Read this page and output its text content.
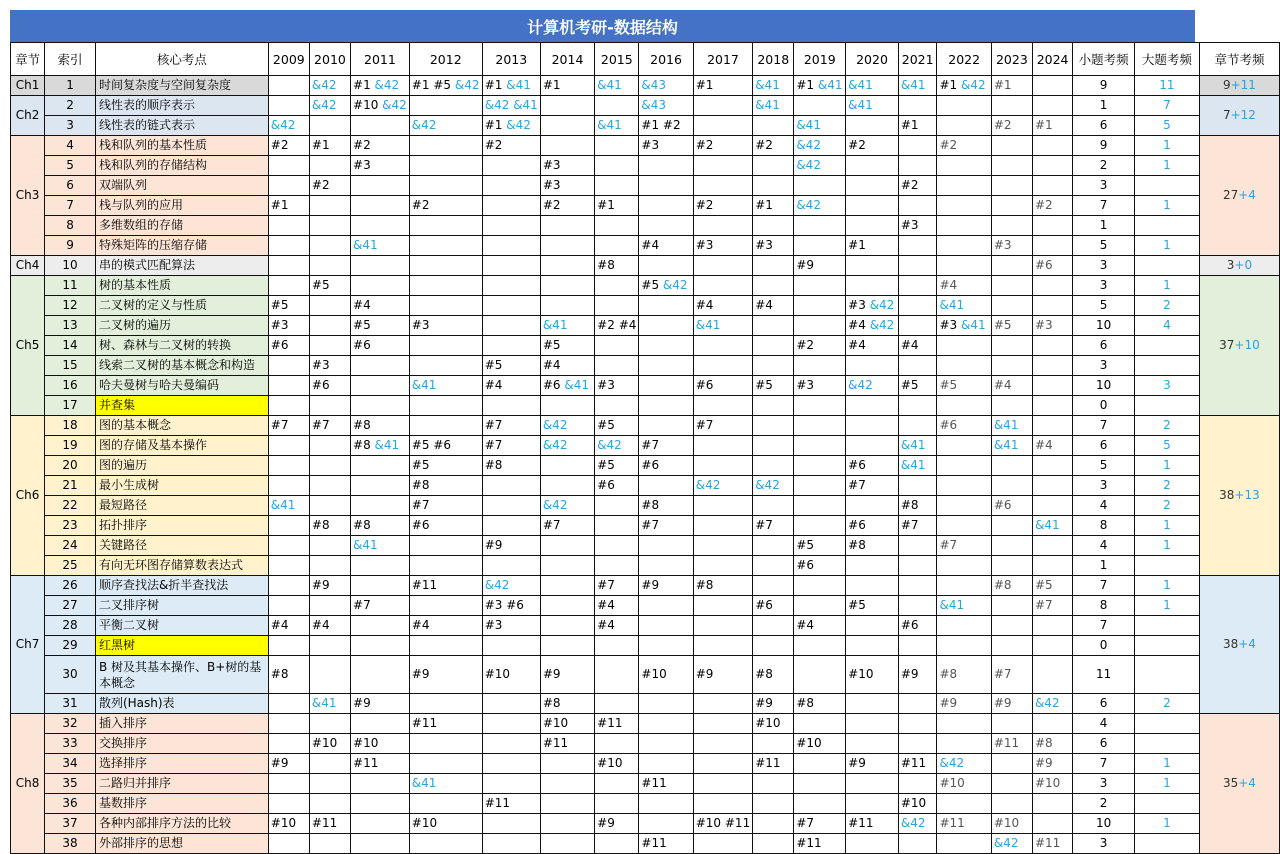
计算机考研-数据结构
章节	索引	核心考点	2009	2010	2011	2012	2013	2014	2015	2016	2017	2018	2019	2020	2021	2022	2023	2024	小题考频	大题考频	章节考频
Ch1	1	时间复杂度与空间复杂度		&42	#1 &42	#1 #5 &42	#1 &41	#1	&41	&43	#1	&41	#1 &41	&41	&41	#1 &42	#1		9	11	9+11
Ch2	2	线性表的顺序表示		&42	#10 &42		&42 &41			&43		&41		&41					1	7	7+12
	3	线性表的链式表示	&42			&42	#1 &42		&41	#1 #2			&41		#1		#2	#1	6	5	
Ch3	4	栈和队列的基本性质	#2	#1	#2		#2			#3	#2	#2	&42	#2		#2			9	1	27+4
	5	栈和队列的存储结构			#3			#3					&42						2	1	
	6	双端队列		#2				#3							#2				3		
	7	栈与队列的应用	#1			#2		#2	#1		#2	#1	&42					#2	7	1	
	8	多维数组的存储													#3				1		
	9	特殊矩阵的压缩存储			&41					#4	#3	#3		#1			#3		5	1	
Ch4	10	串的模式匹配算法							#8				#9					#6	3		3+0
Ch5	11	树的基本性质		#5						#5 &42						#4			3	1	37+10
	12	二叉树的定义与性质	#5		#4						#4	#4		#3 &42		&41			5	2	
	13	二叉树的遍历	#3		#5	#3		&41	#2 #4		&41			#4 &42		#3 &41	#5	#3	10	4	
	14	树、森林与二叉树的转换	#6		#6			#5					#2	#4	#4				6		
	15	线索二叉树的基本概念和构造		#3			#5	#4											3		
	16	哈夫曼树与哈夫曼编码		#6		&41	#4	#6 &41	#3		#6	#5	#3	&42	#5	#5	#4		10	3	
	17	并查集																	0		
Ch6	18	图的基本概念	#7	#7	#8		#7	&42	#5		#7					#6	&41		7	2	38+13
	19	图的存储及基本操作			#8 &41	#5 #6	#7	&42	&42	#7					&41		&41	#4	6	5	
	20	图的遍历				#5	#8		#5	#6				#6	&41				5	1	
	21	最小生成树				#8			#6		&42	&42		#7					3	2	
	22	最短路径	&41			#7		&42		#8					#8		#6		4	2	
	23	拓扑排序		#8	#8	#6		#7		#7		#7		#6	#7			&41	8	1	
	24	关键路径			&41		#9						#5	#8		#7			4	1	
	25	有向无环图存储算数表达式											#6						1		
Ch7	26	顺序查找法&折半查找法		#9		#11	&42		#7	#9	#8						#8	#5	7	1	38+4
	27	二叉排序树			#7		#3 #6		#4			#6		#5		&41		#7	8	1	
	28	平衡二叉树	#4	#4		#4	#3		#4				#4		#6				7		
	29	红黑树																	0		
	30	B 树及其基本操作、B+树的基本概念	#8			#9	#10	#9		#10	#9	#8		#10	#9	#8	#7		11		
	31	散列(Hash)表		&41	#9			#8				#9	#8			#9	#9	&42	6	2	
Ch8	32	插入排序				#11		#10	#11			#10							4		35+4
	33	交换排序		#10	#10			#11					#10				#11	#8	6		
	34	选择排序	#9		#11				#10			#11		#9	#11	&42		#9	7	1	
	35	二路归并排序				&41				#11						#10		#10	3	1	
	36	基数排序					#11								#10				2		
	37	各种内部排序方法的比较	#10	#11		#10			#9		#10 #11		#7	#11	&42	#11	#10		10	1	
	38	外部排序的思想								#11			#11				&42	#11	3		
